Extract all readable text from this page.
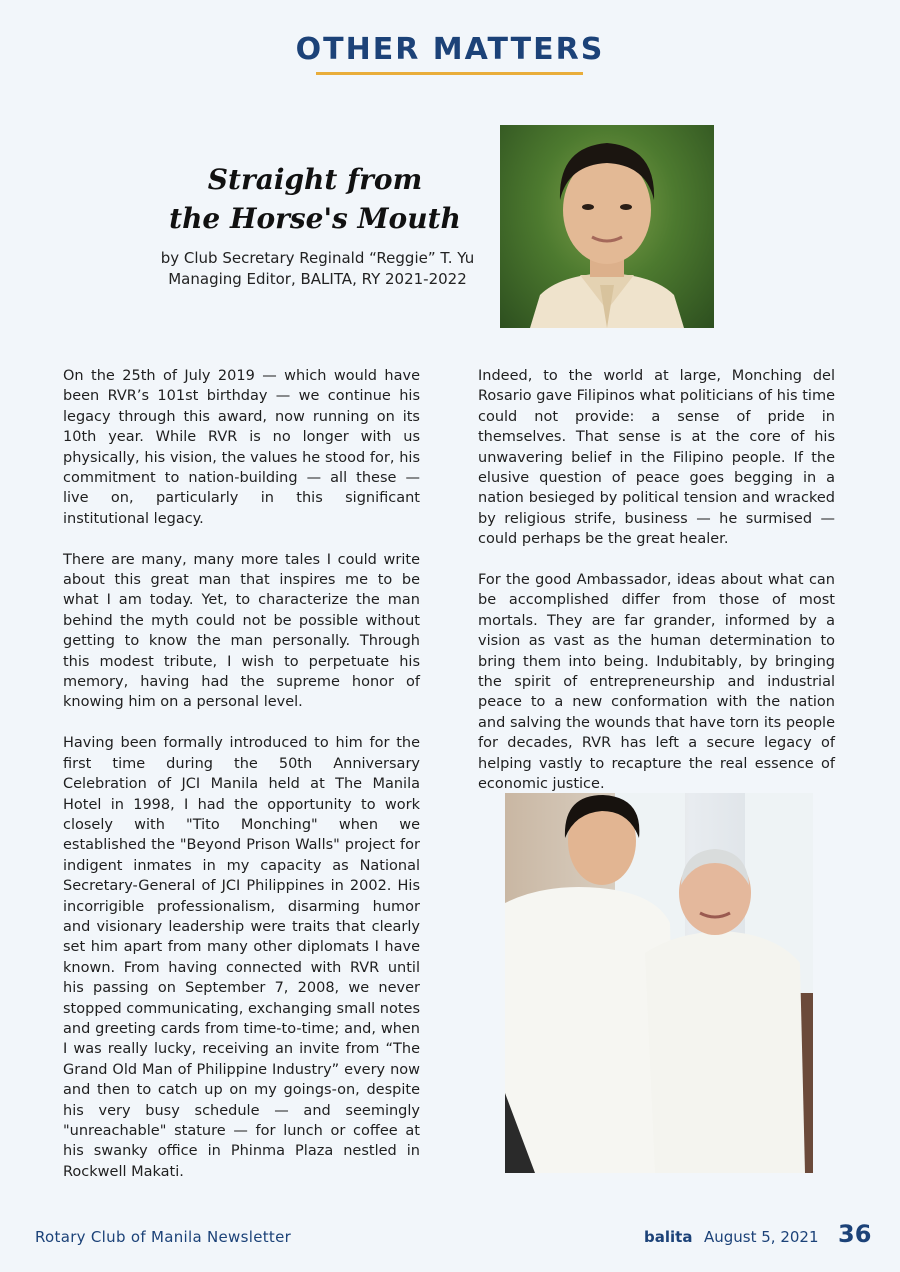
OTHER MATTERS
Straight from
the Horse's Mouth
by Club Secretary Reginald “Reggie” T. Yu
Managing Editor, BALITA, RY 2021-2022

On the 25th of July 2019 — which would have been RVR’s 101st birthday — we continue his legacy through this award, now running on its 10th year. While RVR is no longer with us physically, his vision, the values he stood for, his commitment to nation-building — all these — live on, particularly in this significant institutional legacy.

There are many, many more tales I could write about this great man that inspires me to be what I am today. Yet, to characterize the man behind the myth could not be possible without getting to know the man personally. Through this modest tribute, I wish to perpetuate his memory, having had the supreme honor of knowing him on a personal level.

Having been formally introduced to him for the first time during the 50th Anniversary Celebration of JCI Manila held at The Manila Hotel in 1998, I had the opportunity to work closely with "Tito Monching" when we established the "Beyond Prison Walls" project for indigent inmates in my capacity as National Secretary-General of JCI Philippines in 2002. His incorrigible professionalism, disarming humor and visionary leadership were traits that clearly set him apart from many other diplomats I have known. From having connected with RVR until his passing on September 7, 2008, we never stopped communicating, exchanging small notes and greeting cards from time-to-time; and, when I was really lucky, receiving an invite from “The Grand Old Man of Philippine Industry” every now and then to catch up on my goings-on, despite his very busy schedule — and seemingly "unreachable" stature — for lunch or coffee at his swanky office in Phinma Plaza nestled in Rockwell Makati.

Indeed, to the world at large, Monching del Rosario gave Filipinos what politicians of his time could not provide: a sense of pride in themselves. That sense is at the core of his unwavering belief in the Filipino people. If the elusive question of peace goes begging in a nation besieged by political tension and wracked by religious strife, business — he surmised — could perhaps be the great healer.

For the good Ambassador, ideas about what can be accomplished differ from those of most mortals. They are far grander, informed by a vision as vast as the human determination to bring them into being. Indubitably, by bringing the spirit of entrepreneurship and industrial peace to a new conformation with the nation and salving the wounds that have torn its people for decades, RVR has left a secure legacy of helping vastly to recapture the real essence of economic justice.

Rotary Club of Manila Newsletter	balita August 5, 2021 36
